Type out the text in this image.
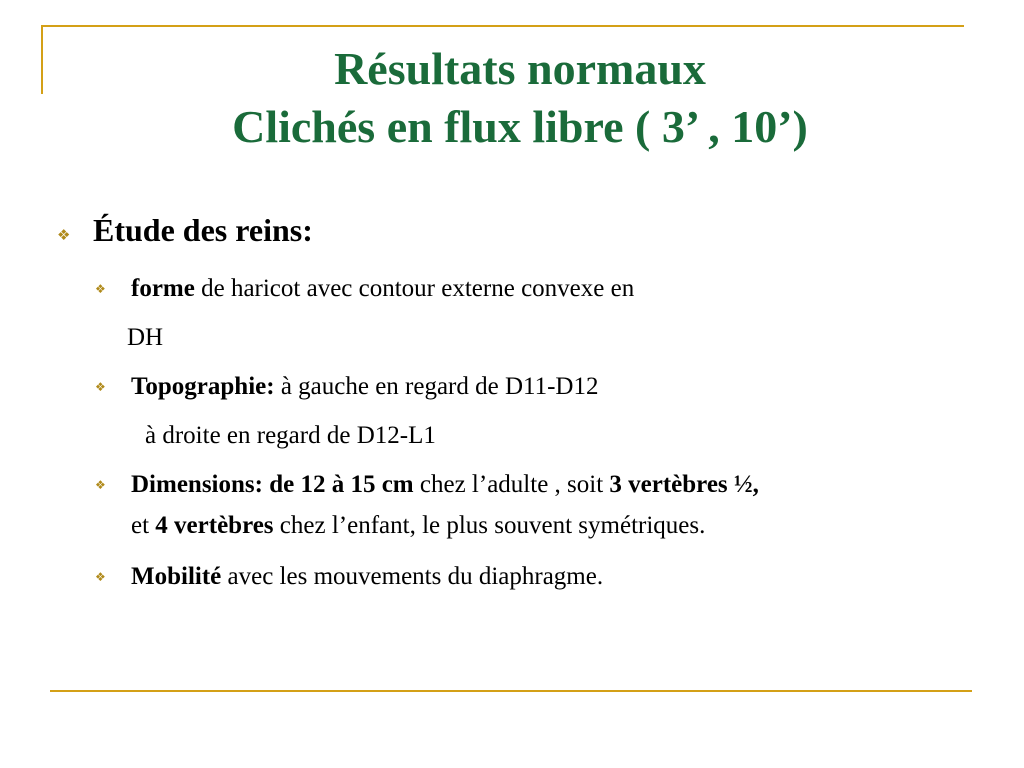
Résultats normaux
Clichés en flux libre ( 3’ , 10’)
❖ Étude des reins:
❖ forme de haricot avec contour externe convexe en
DH
❖ Topographie: à gauche en regard de D11-D12
à droite en regard de D12-L1
❖ Dimensions: de 12 à 15 cm chez l’adulte , soit 3 vertèbres ½,
et 4 vertèbres chez l’enfant, le plus souvent symétriques.
❖ Mobilité avec les mouvements du diaphragme.
